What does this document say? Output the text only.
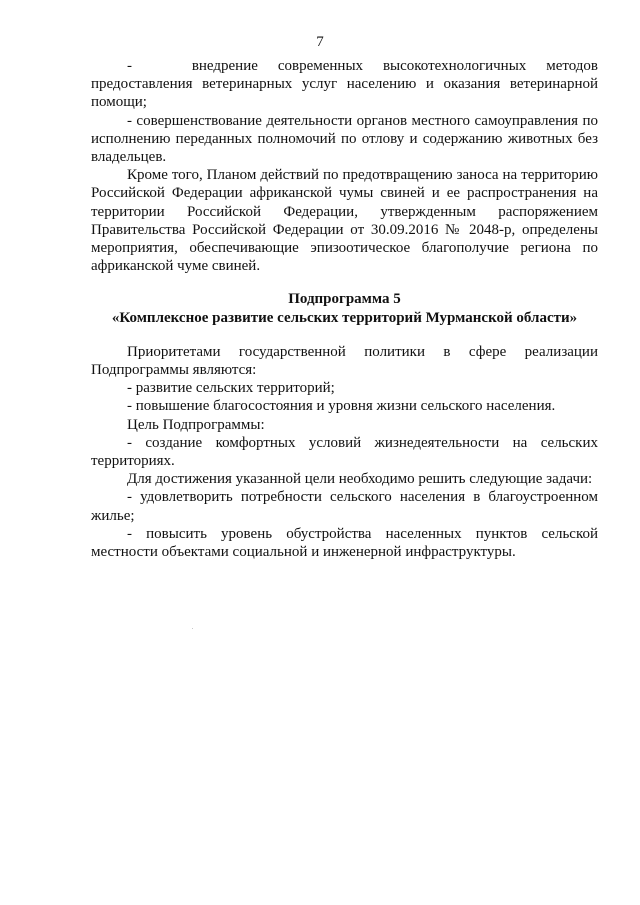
7

-   внедрение современных высокотехнологичных методов предоставления ветеринарных услуг населению и оказания ветеринарной помощи;

- совершенствование деятельности органов местного самоуправления по исполнению переданных полномочий по отлову и содержанию животных без владельцев.

Кроме того, Планом действий по предотвращению заноса на территорию Российской Федерации африканской чумы свиней и ее распространения на территории Российской Федерации, утвержденным распоряжением Правительства Российской Федерации от 30.09.2016 № 2048-р, определены мероприятия, обеспечивающие эпизоотическое благополучие региона по африканской чуме свиней.

Подпрограмма 5

«Комплексное развитие сельских территорий Мурманской области»

Приоритетами государственной политики в сфере реализации Подпрограммы являются:

- развитие сельских территорий;

- повышение благосостояния и уровня жизни сельского населения.

Цель Подпрограммы:

- создание комфортных условий жизнедеятельности на сельских территориях.

Для достижения указанной цели необходимо решить следующие задачи:

- удовлетворить потребности сельского населения в благоустроенном жилье;

- повысить уровень обустройства населенных пунктов сельской местности объектами социальной и инженерной инфраструктуры.
